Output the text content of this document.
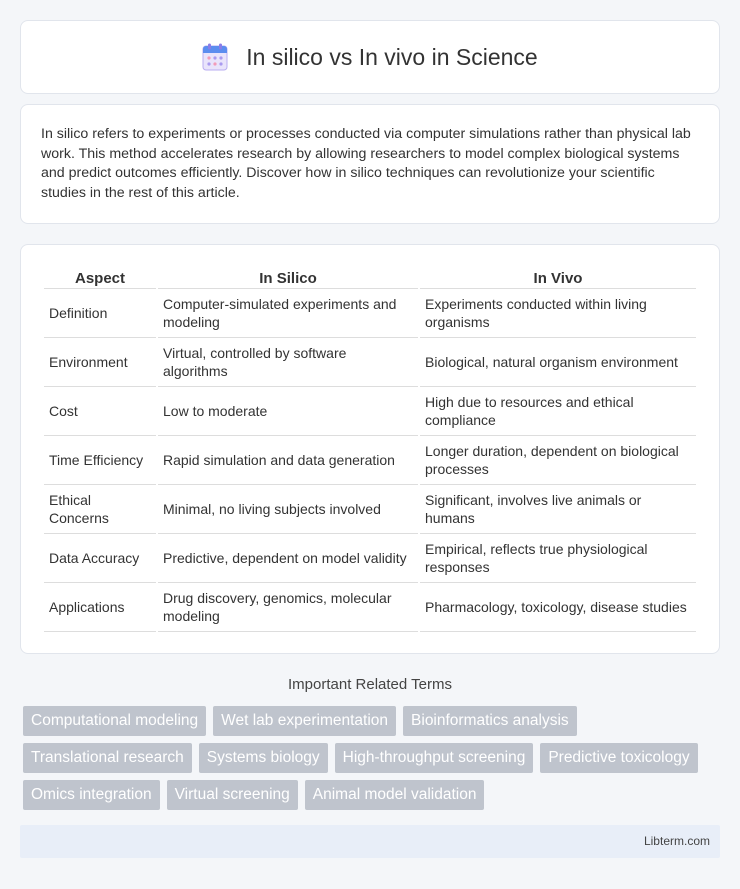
In silico vs In vivo in Science

In silico refers to experiments or processes conducted via computer simulations rather than physical lab work. This method accelerates research by allowing researchers to model complex biological systems and predict outcomes efficiently. Discover how in silico techniques can revolutionize your scientific studies in the rest of this article.

Aspect	In Silico	In Vivo
Definition	Computer-simulated experiments and modeling	Experiments conducted within living organisms
Environment	Virtual, controlled by software algorithms	Biological, natural organism environment
Cost	Low to moderate	High due to resources and ethical compliance
Time Efficiency	Rapid simulation and data generation	Longer duration, dependent on biological processes
Ethical Concerns	Minimal, no living subjects involved	Significant, involves live animals or humans
Data Accuracy	Predictive, dependent on model validity	Empirical, reflects true physiological responses
Applications	Drug discovery, genomics, molecular modeling	Pharmacology, toxicology, disease studies
Important Related Terms
Computational modeling	Wet lab experimentation	Bioinformatics analysis
Translational research	Systems biology	High-throughput screening	Predictive toxicology
Omics integration	Virtual screening	Animal model validation
Libterm.com
